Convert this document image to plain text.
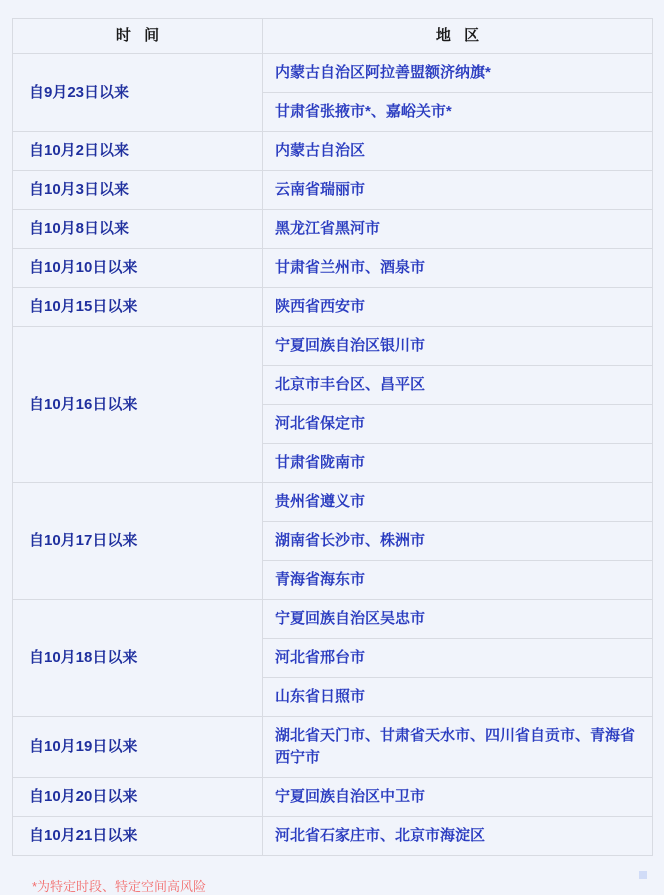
时 间	地 区
自9月23日以来	内蒙古自治区阿拉善盟额济纳旗*
	甘肃省张掖市*、嘉峪关市*
自10月2日以来	内蒙古自治区
自10月3日以来	云南省瑞丽市
自10月8日以来	黑龙江省黑河市
自10月10日以来	甘肃省兰州市、酒泉市
自10月15日以来	陕西省西安市
自10月16日以来	宁夏回族自治区银川市
	北京市丰台区、昌平区
	河北省保定市
	甘肃省陇南市
自10月17日以来	贵州省遵义市
	湖南省长沙市、株洲市
	青海省海东市
自10月18日以来	宁夏回族自治区吴忠市
	河北省邢台市
	山东省日照市
自10月19日以来	湖北省天门市、甘肃省天水市、四川省自贡市、青海省西宁市
自10月20日以来	宁夏回族自治区中卫市
自10月21日以来	河北省石家庄市、北京市海淀区
*为特定时段、特定空间高风险
